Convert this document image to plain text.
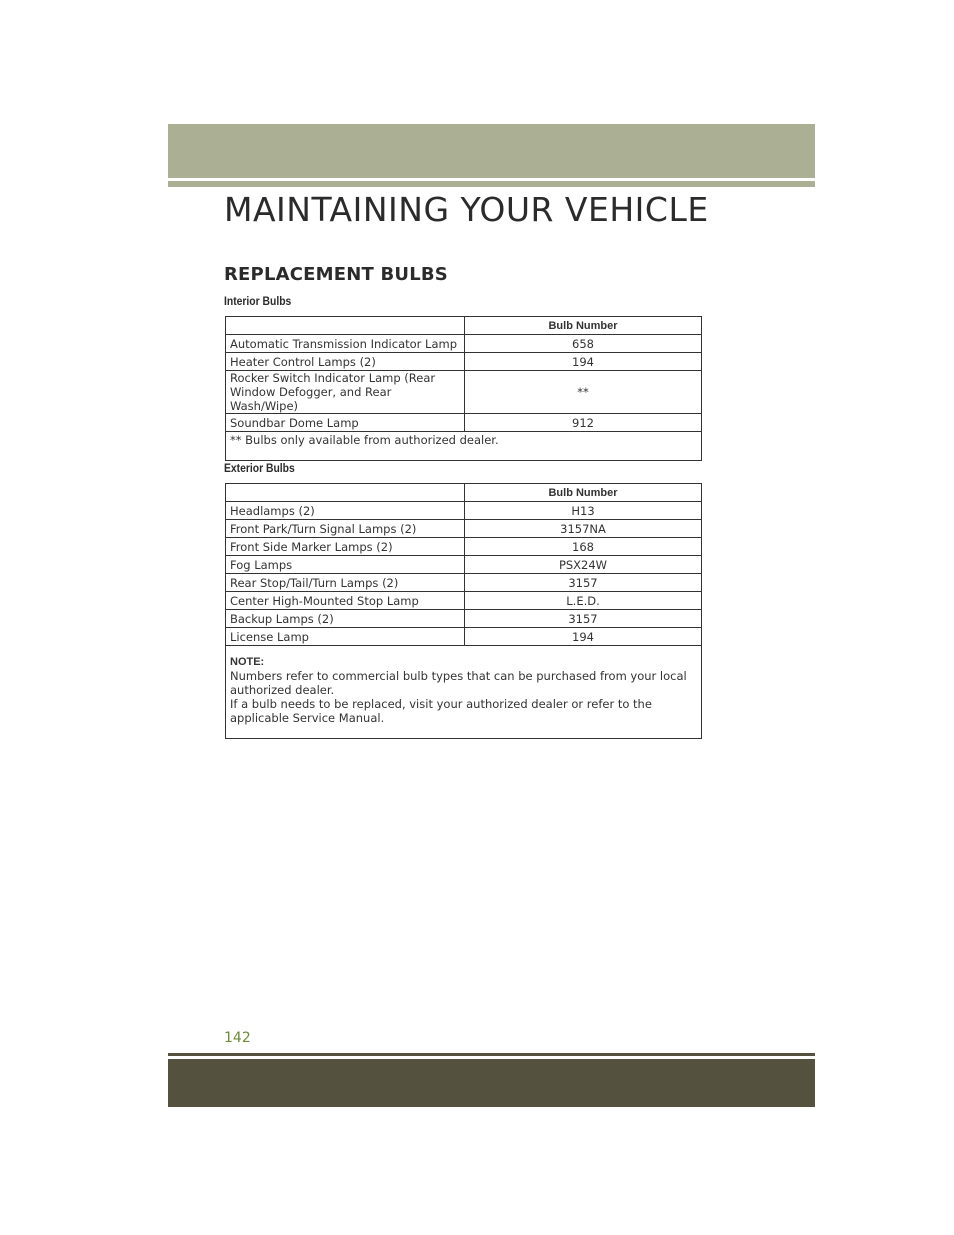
MAINTAINING YOUR VEHICLE
REPLACEMENT BULBS
Interior Bulbs
	Bulb Number
Automatic Transmission Indicator Lamp	658
Heater Control Lamps (2)	194
Rocker Switch Indicator Lamp (Rear Window Defogger, and Rear Wash/Wipe)	**
Soundbar Dome Lamp	912
** Bulbs only available from authorized dealer.	
Exterior Bulbs
	Bulb Number
Headlamps (2)	H13
Front Park/Turn Signal Lamps (2)	3157NA
Front Side Marker Lamps (2)	168
Fog Lamps	PSX24W
Rear Stop/Tail/Turn Lamps (2)	3157
Center High-Mounted Stop Lamp	L.E.D.
Backup Lamps (2)	3157
License Lamp	194

NOTE:
Numbers refer to commercial bulb types that can be purchased from your local authorized dealer.
If a bulb needs to be replaced, visit your authorized dealer or refer to the applicable Service Manual.	

142
